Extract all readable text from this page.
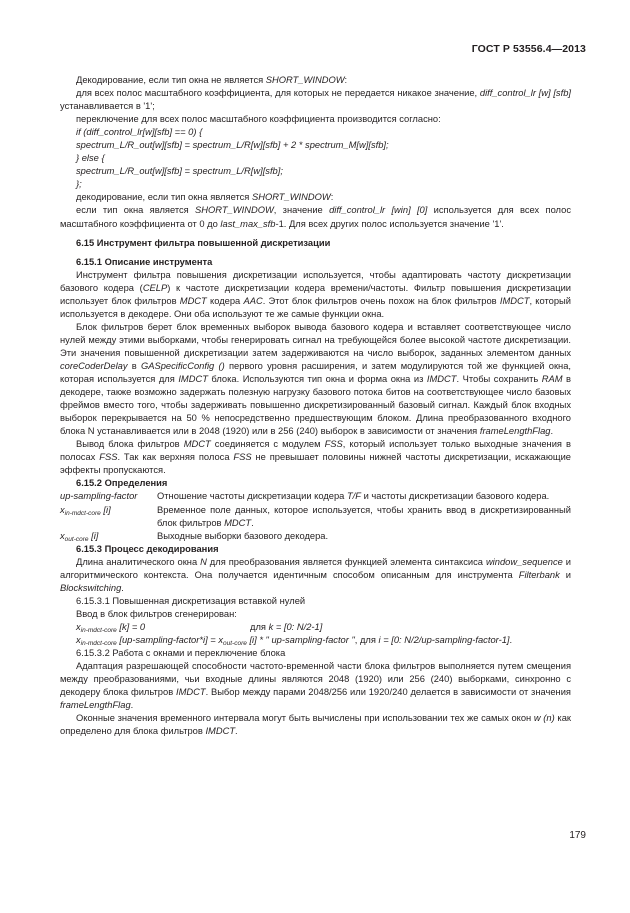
ГОСТ Р 53556.4—2013

Декодирование, если тип окна не является SHORT_WINDOW:

для всех полос масштабного коэффициента, для которых не передается никакое значение, diff_control_lr [w] [sfb] устанавливается в '1';

переключение для всех полос масштабного коэффициента производится согласно:

if (diff_control_lr[w][sfb] == 0) {

spectrum_L/R_out[w][sfb] = spectrum_L/R[w][sfb] + 2 * spectrum_M[w][sfb];

} else {

spectrum_L/R_out[w][sfb] = spectrum_L/R[w][sfb];

};

декодирование, если тип окна является SHORT_WINDOW:

если тип окна является SHORT_WINDOW, значение diff_control_lr [win] [0] используется для всех полос масштабного коэффициента от 0 до last_max_sfb-1. Для всех других полос используется значение '1'.

6.15 Инструмент фильтра повышенной дискретизации

6.15.1 Описание инструмента

Инструмент фильтра повышения дискретизации используется, чтобы адаптировать частоту дискретизации базового кодера (CELP) к частоте дискретизации кодера времени/частоты. Фильтр повышения дискретизации использует блок фильтров MDCT кодера AAC. Этот блок фильтров очень похож на блок фильтров IMDCT, который используется в декодере. Они оба используют те же самые функции окна.

Блок фильтров берет блок временных выборок вывода базового кодера и вставляет соответствующее число нулей между этими выборками, чтобы генерировать сигнал на требующейся более высокой частоте дискретизации. Эти значения повышенной дискретизации затем задерживаются на число выборок, заданных элементом данных coreCoderDelay в GASpecificConfig () первого уровня расширения, и затем модулируются той же функцией окна, которая используется для IMDCT блока. Используются тип окна и форма окна из IMDCT. Чтобы сохранить RAM в декодере, также возможно задержать полезную нагрузку базового потока битов на соответствующее число базовых фреймов вместо того, чтобы задерживать повышенно дискретизированный базовый сигнал. Каждый блок входных выборок перекрывается на 50 % непосредственно предшествующим блоком. Длина преобразованного входного блока N устанавливается или в 2048 (1920) или в 256 (240) выборок в зависимости от значения frameLengthFlag.

Вывод блока фильтров MDCT соединяется с модулем FSS, который использует только выходные значения в полосах FSS. Так как верхняя полоса FSS не превышает половины нижней частоты дискретизации, искажающие эффекты пропускаются.

6.15.2 Определения

up-sampling-factor	Отношение частоты дискретизации кодера T/F и частоты дискретизации базового кодера.
$x_{in-mdct-core}$ [i]	Временное поле данных, которое используется, чтобы хранить ввод в дискретизированный блок фильтров MDCT.
$x_{out-core}$ [i]	Выходные выборки базового декодера.

6.15.3 Процесс декодирования

Длина аналитического окна N для преобразования является функцией элемента синтаксиса window_sequence и алгоритмического контекста. Она получается идентичным способом описанным для инструмента Filterbank и Blockswitching.

6.15.3.1 Повышенная дискретизация вставкой нулей

Ввод в блок фильтров сгенерирован:

$x_{in-mdct-core}$ [k] = 0	для k = [0: N/2-1]
$x_{in-mdct-core}$ [up-sampling-factor*i] = $x_{out-core}$ [i] * " up-sampling-factor ", для i = [0: N/2/up-sampling-factor-1].

6.15.3.2 Работа с окнами и переключение блока

Адаптация разрешающей способности частото-временной части блока фильтров выполняется путем смещения между преобразованиями, чьи входные длины являются 2048 (1920) или 256 (240) выборками, синхронно с декодеру блока фильтров IMDCT. Выбор между парами 2048/256 или 1920/240 делается в зависимости от значения frameLengthFlag.

Оконные значения временного интервала могут быть вычислены при использовании тех же самых окон w (n) как определено для блока фильтров IMDCT.

179
